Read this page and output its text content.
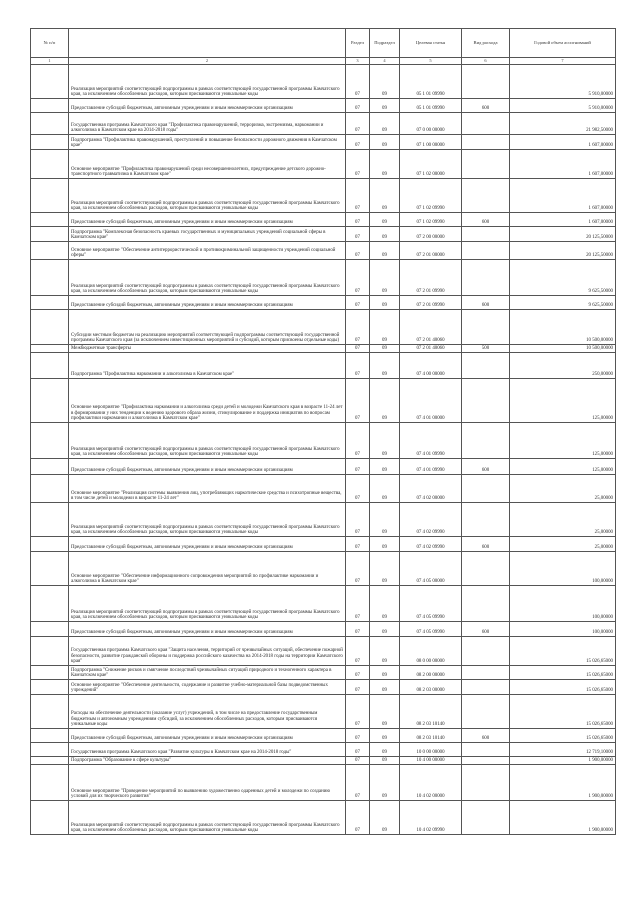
№ п/п		Раздел	Подраздел	Целевая статья	Вид расхода	Годовой объем ассигнований
1	2	3	4	5	6	7
	Реализация мероприятий соответствующей подпрограммы в рамках соответствующей государственной программы Камчатского края, за исключением обособленных расходов, которым присваиваются уникальные коды	07	09	05 1 01 09990		5 910,00000
	Предоставление субсидий бюджетным, автономным учреждениям и иным некоммерческим организациям	07	09	05 1 01 09990	600	5 910,00000
	Государственная программа Камчатского края "Профилактика правонарушений, терроризма, экстремизма, наркомании и алкоголизма в Камчатском крае на 2014-2018 годы"	07	09	07 0 00 00000		21 982,50000
	Подпрограмма "Профилактика правонарушений, преступлений и повышение безопасности дорожного движения в Камчатском крае"	07	09	07 1 00 00000		1 607,00000
	Основное мероприятие "Профилактика правонарушений среди несовершеннолетних, предупреждение детского дорожно-транспортного травматизма в Камчатском крае"	07	09	07 1 02 00000		1 607,00000
	Реализация мероприятий соответствующей подпрограммы в рамках соответствующей государственной программы Камчатского края, за исключением обособленных расходов, которым присваиваются уникальные коды	07	09	07 1 02 09990		1 607,00000
	Предоставление субсидий бюджетным, автономным учреждениям и иным некоммерческим организациям	07	09	07 1 02 09990	600	1 607,00000
	Подпрограмма "Комплексная безопасность краевых государственных и муниципальных учреждений социальной сферы в Камчатском крае"	07	09	07 2 00 00000		20 125,50000
	Основное мероприятие "Обеспечение антитеррористической и противокриминальной защищенности учреждений социальной сферы"	07	09	07 2 01 00000		20 125,50000
	Реализация мероприятий соответствующей подпрограммы в рамках соответствующей государственной программы Камчатского края, за исключением обособленных расходов, которым присваиваются уникальные коды	07	09	07 2 01 09990		9 625,50000
	Предоставление субсидий бюджетным, автономным учреждениям и иным некоммерческим организациям	07	09	07 2 01 09990	600	9 625,50000
	Субсидии местным бюджетам на реализацию мероприятий соответствующей подпрограммы соответствующей государственной программы Камчатского края (за исключением инвестиционных мероприятий и субсидий, которым присвоены отдельные коды)	07	09	07 2 01 40060		10 500,00000
	Межбюджетные трансферты	07	09	07 2 01 40060	500	10 500,00000
	Подпрограмма "Профилактика наркомании и алкоголизма в Камчатском крае"	07	09	07 4 00 00000		250,00000
	Основное мероприятие "Профилактика наркомании и алкоголизма среди детей и молодежи Камчатского края в возрасте 11-24 лет в формировании у них тенденции к ведению здорового образа жизни, стимулирование и поддержка инициатив по вопросам профилактики наркомании и алкоголизма в Камчатском крае"	07	09	07 4 01 00000		125,00000
	Реализация мероприятий соответствующей подпрограммы в рамках соответствующей государственной программы Камчатского края, за исключением обособленных расходов, которым присваиваются уникальные коды	07	09	07 4 01 09990		125,00000
	Предоставление субсидий бюджетным, автономным учреждениям и иным некоммерческим организациям	07	09	07 4 01 09990	600	125,00000
	Основное мероприятие "Реализация системы выявления лиц, употребляющих наркотические средства и психотропные вещества, в том числе детей и молодежи в возрасте 11-24 лет"	07	09	07 4 02 00000		25,00000
	Реализация мероприятий соответствующей подпрограммы в рамках соответствующей государственной программы Камчатского края, за исключением обособленных расходов, которым присваиваются уникальные коды	07	09	07 4 02 09990		25,00000
	Предоставление субсидий бюджетным, автономным учреждениям и иным некоммерческим организациям	07	09	07 4 02 09990	600	25,00000
	Основное мероприятие "Обеспечение информационного сопровождения мероприятий по профилактике наркомании и алкоголизма в Камчатском крае"	07	09	07 4 05 00000		100,00000
	Реализация мероприятий соответствующей подпрограммы в рамках соответствующей государственной программы Камчатского края, за исключением обособленных расходов, которым присваиваются уникальные коды	07	09	07 4 05 09990		100,00000
	Предоставление субсидий бюджетным, автономным учреждениям и иным некоммерческим организациям	07	09	07 4 05 09990	600	100,00000
	Государственная программа Камчатского края "Защита населения, территорий от чрезвычайных ситуаций, обеспечение пожарной безопасности, развитие гражданской обороны и поддержка российского казачества на 2014-2018 годы на территории Камчатского края"	07	09	08 0 00 00000		15 026,65000
	Подпрограмма "Снижение рисков и смягчение последствий чрезвычайных ситуаций природного и техногенного характера в Камчатском крае"	07	09	08 2 00 00000		15 026,65000
	Основное мероприятие "Обеспечение деятельности, содержание и развитие учебно-материальной базы подведомственных учреждений"	07	09	08 2 03 00000		15 026,65000
	Расходы на обеспечение деятельности (оказание услуг) учреждений, в том числе на предоставление государственным бюджетным и автономным учреждениям субсидий, за исключением обособленных расходов, которым присваиваются уникальные коды	07	09	08 2 03 10140		15 026,65000
	Предоставление субсидий бюджетным, автономным учреждениям и иным некоммерческим организациям	07	09	08 2 03 10140	600	15 026,65000
	Государственная программа Камчатского края "Развитие культуры в Камчатском крае на 2014-2018 годы"	07	09	10 0 00 00000		12 719,10000
	Подпрограмма "Образование в сфере культуры"	07	09	10 4 00 00000		1 900,00000
	Основное мероприятие "Проведение мероприятий по выявлению художественно одаренных детей и молодежи по созданию условий для их творческого развития"	07	09	10 4 02 00000		1 900,00000
	Реализация мероприятий соответствующей подпрограммы в рамках соответствующей государственной программы Камчатского края, за исключением обособленных расходов, которым присваиваются уникальные коды	07	09	10 4 02 09990		1 900,00000
